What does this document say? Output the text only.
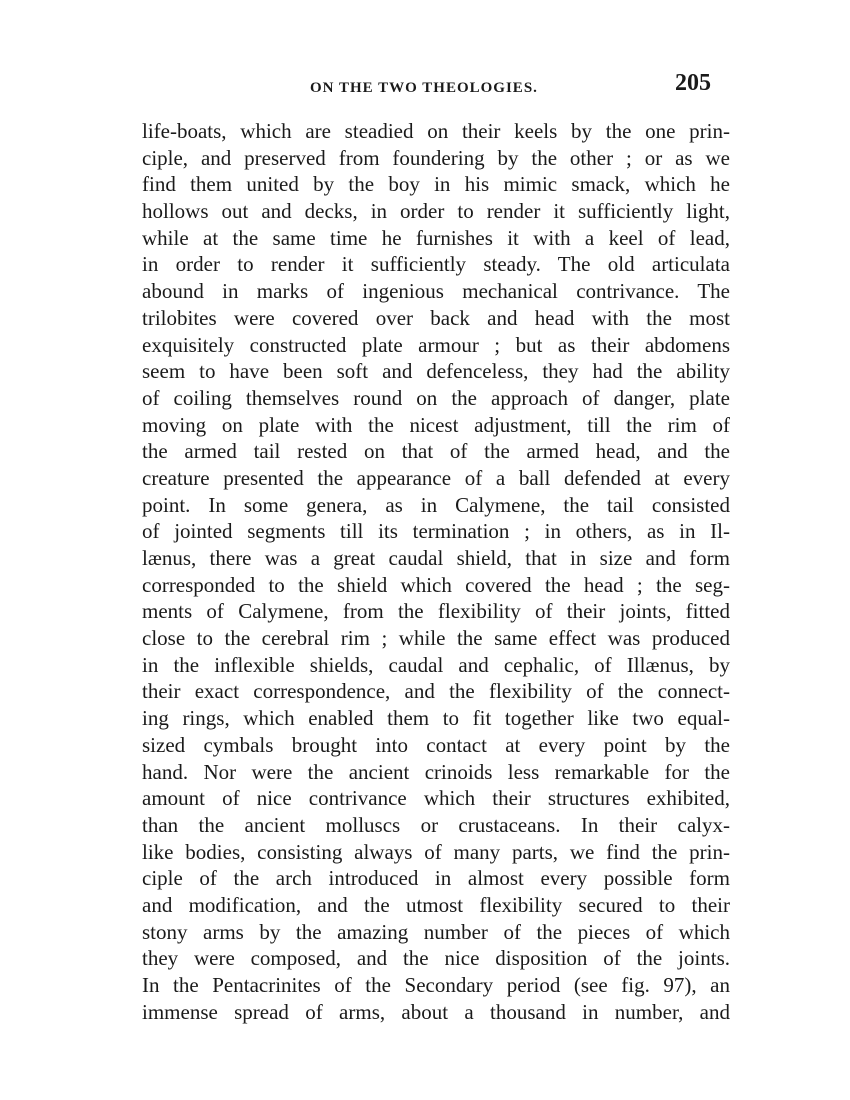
ON THE TWO THEOLOGIES.	205
life-boats, which are steadied on their keels by the one prin-
ciple, and preserved from foundering by the other ; or as we
find them united by the boy in his mimic smack, which he
hollows out and decks, in order to render it sufficiently light,
while at the same time he furnishes it with a keel of lead,
in order to render it sufficiently steady. The old articulata
abound in marks of ingenious mechanical contrivance. The
trilobites were covered over back and head with the most
exquisitely constructed plate armour ; but as their abdomens
seem to have been soft and defenceless, they had the ability
of coiling themselves round on the approach of danger, plate
moving on plate with the nicest adjustment, till the rim of
the armed tail rested on that of the armed head, and the
creature presented the appearance of a ball defended at every
point. In some genera, as in Calymene, the tail consisted
of jointed segments till its termination ; in others, as in Il-
lænus, there was a great caudal shield, that in size and form
corresponded to the shield which covered the head ; the seg-
ments of Calymene, from the flexibility of their joints, fitted
close to the cerebral rim ; while the same effect was produced
in the inflexible shields, caudal and cephalic, of Illænus, by
their exact correspondence, and the flexibility of the connect-
ing rings, which enabled them to fit together like two equal-
sized cymbals brought into contact at every point by the
hand. Nor were the ancient crinoids less remarkable for the
amount of nice contrivance which their structures exhibited,
than the ancient molluscs or crustaceans. In their calyx-
like bodies, consisting always of many parts, we find the prin-
ciple of the arch introduced in almost every possible form
and modification, and the utmost flexibility secured to their
stony arms by the amazing number of the pieces of which
they were composed, and the nice disposition of the joints.
In the Pentacrinites of the Secondary period (see fig. 97), an
immense spread of arms, about a thousand in number, and
